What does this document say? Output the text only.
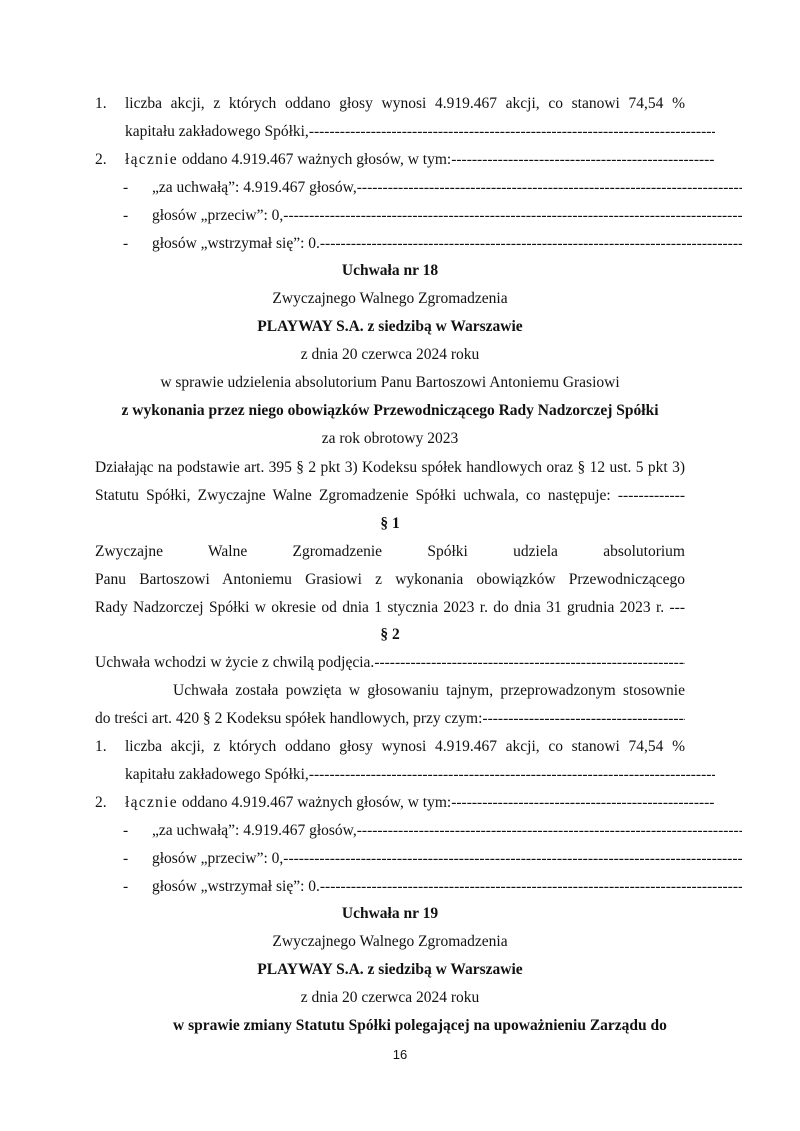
1. liczba akcji, z których oddano głosy wynosi 4.919.467 akcji, co stanowi 74,54 %
kapitału zakładowego Spółki,
-----
2. łącznie oddano 4.919.467 ważnych głosów, w tym:
-----
- „za uchwałą”: 4.919.467 głosów,
-----
- głosów „przeciw”: 0,
-----
- głosów „wstrzymał się”: 0.
-----
Uchwała nr 18
Zwyczajnego Walnego Zgromadzenia
PLAYWAY S.A. z siedzibą w Warszawie
z dnia 20 czerwca 2024 roku
w sprawie udzielenia absolutorium Panu Bartoszowi Antoniemu Grasiowi
z wykonania przez niego obowiązków Przewodniczącego Rady Nadzorczej Spółki
za rok obrotowy 2023
Działając na podstawie art. 395 § 2 pkt 3) Kodeksu spółek handlowych oraz § 12 ust. 5 pkt 3)
Statutu Spółki, Zwyczajne Walne Zgromadzenie Spółki uchwala, co następuje: -------------
§ 1
Zwyczajne Walne Zgromadzenie Spółki udziela absolutorium
Panu Bartoszowi Antoniemu Grasiowi z wykonania obowiązków Przewodniczącego
Rady Nadzorczej Spółki w okresie od dnia 1 stycznia 2023 r. do dnia 31 grudnia 2023 r. ---
§ 2
Uchwała wchodzi w życie z chwilą podjęcia.
-----
Uchwała została powzięta w głosowaniu tajnym, przeprowadzonym stosownie
do treści art. 420 § 2 Kodeksu spółek handlowych, przy czym:
-----
1. liczba akcji, z których oddano głosy wynosi 4.919.467 akcji, co stanowi 74,54 %
kapitału zakładowego Spółki,
-----
2. łącznie oddano 4.919.467 ważnych głosów, w tym:
-----
- „za uchwałą”: 4.919.467 głosów,
-----
- głosów „przeciw”: 0,
-----
- głosów „wstrzymał się”: 0.
-----
Uchwała nr 19
Zwyczajnego Walnego Zgromadzenia
PLAYWAY S.A. z siedzibą w Warszawie
z dnia 20 czerwca 2024 roku
w sprawie zmiany Statutu Spółki polegającej na upoważnieniu Zarządu do
16
